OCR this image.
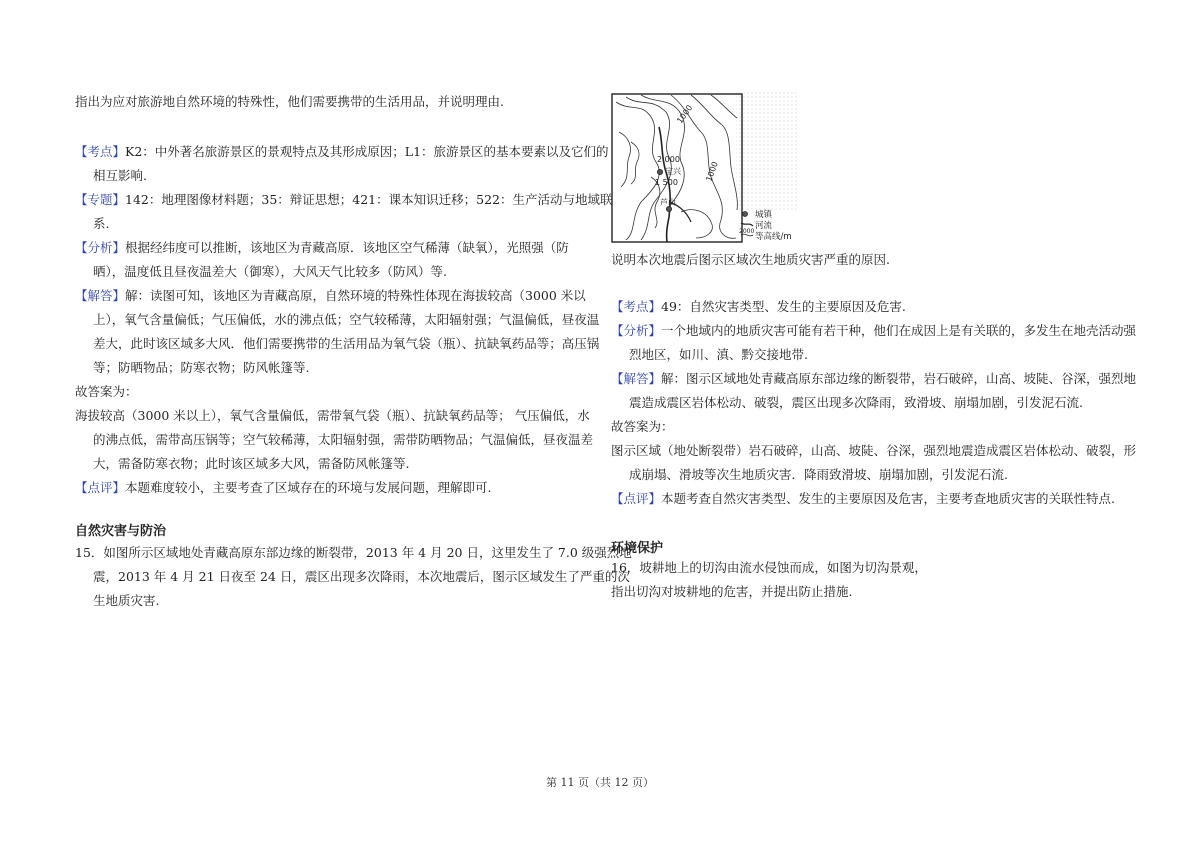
指出为应对旅游地自然环境的特殊性，他们需要携带的生活用品，并说明理由.
【考点】K2：中外著名旅游景区的景观特点及其形成原因；L1：旅游景区的基本要素以及它们的
相互影响.
【专题】142：地理图像材料题；35：辩证思想；421：课本知识迁移；522：生产活动与地域联
系.
【分析】根据经纬度可以推断，该地区为青藏高原．该地区空气稀薄（缺氧），光照强（防
晒），温度低且昼夜温差大（御寒），大风天气比较多（防风）等.
【解答】解：读图可知，该地区为青藏高原，自然环境的特殊性体现在海拔较高（3000 米以
上），氧气含量偏低；气压偏低，水的沸点低；空气较稀薄，太阳辐射强；气温偏低，昼夜温
差大，此时该区域多大风．他们需要携带的生活用品为氧气袋（瓶）、抗缺氧药品等；高压锅
等；防晒物品；防寒衣物；防风帐篷等.
故答案为：
海拔较高（3000 米以上），氧气含量偏低，需带氧气袋（瓶）、抗缺氧药品等； 气压偏低，水
的沸点低，需带高压锅等；空气较稀薄，太阳辐射强，需带防晒物品；气温偏低，昼夜温差
大，需备防寒衣物；此时该区域多大风，需备防风帐篷等.
【点评】本题难度较小，主要考查了区域存在的环境与发展问题，理解即可.
自然灾害与防治
15．如图所示区域地处青藏高原东部边缘的断裂带，2013 年 4 月 20 日，这里发生了 7.0 级强烈地
震，2013 年 4 月 21 日夜至 24 日，震区出现多次降雨，本次地震后，图示区域发生了严重的次
生地质灾害.
2 000
宝兴
1 500
芦山
1000
1000
城镇
河流
2000
等高线/m
说明本次地震后图示区域次生地质灾害严重的原因.
【考点】49：自然灾害类型、发生的主要原因及危害.
【分析】一个地域内的地质灾害可能有若干种，他们在成因上是有关联的，多发生在地壳活动强
烈地区，如川、滇、黔交接地带.
【解答】解：图示区域地处青藏高原东部边缘的断裂带，岩石破碎，山高、坡陡、谷深，强烈地
震造成震区岩体松动、破裂，震区出现多次降雨，致滑坡、崩塌加剧，引发泥石流.
故答案为：
图示区域（地处断裂带）岩石破碎，山高、坡陡、谷深，强烈地震造成震区岩体松动、破裂，形
成崩塌、滑坡等次生地质灾害．降雨致滑坡、崩塌加剧，引发泥石流.
【点评】本题考查自然灾害类型、发生的主要原因及危害，主要考查地质灾害的关联性特点.
环境保护
16．坡耕地上的切沟由流水侵蚀而成，如图为切沟景观，
指出切沟对坡耕地的危害，并提出防止措施.
第 11 页（共 12 页）
